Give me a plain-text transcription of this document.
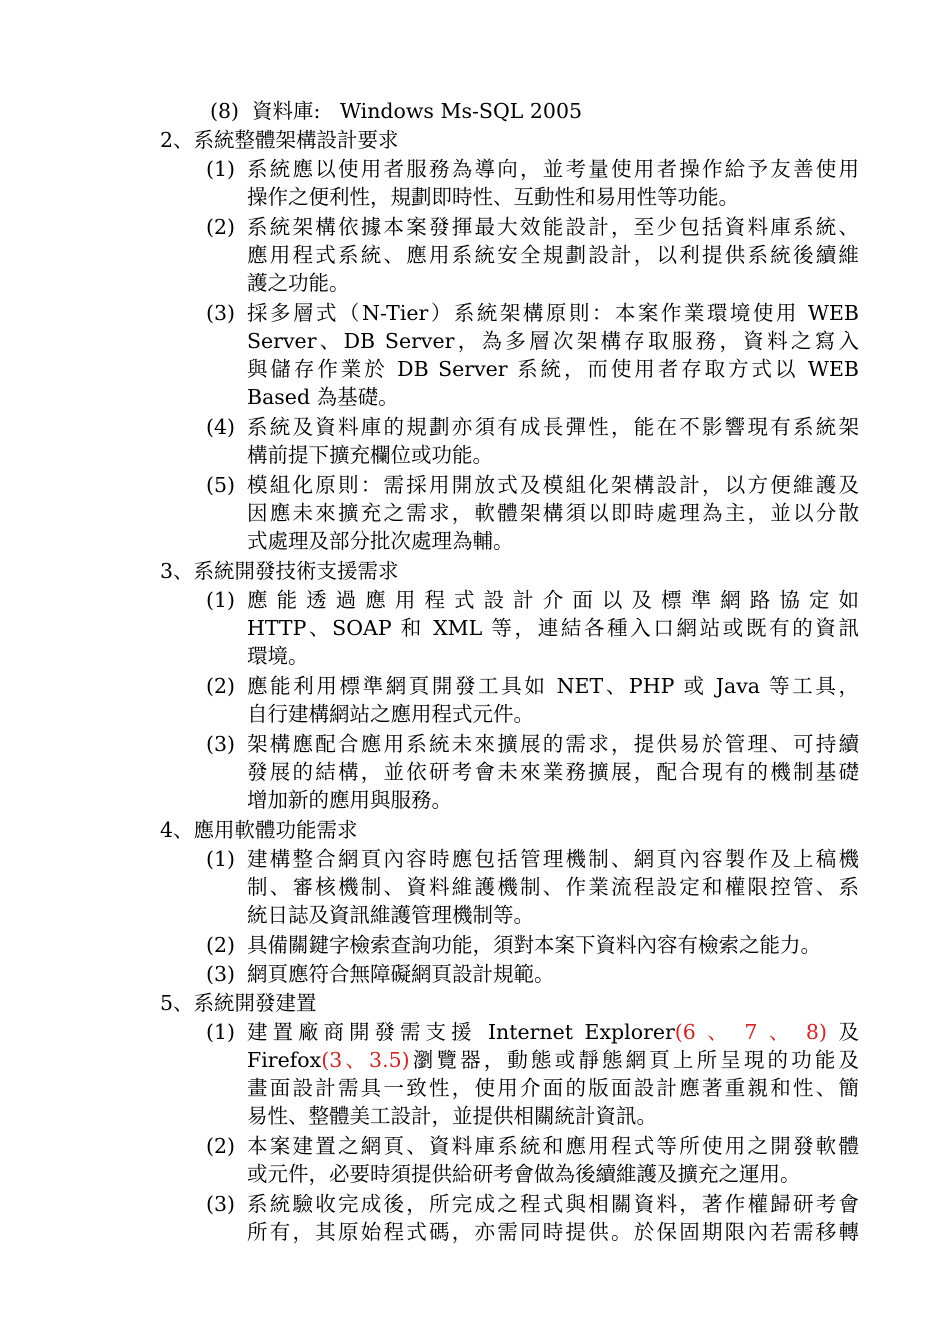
(8) 資料庫:   Windows Ms-SQL 2005
2、系統整體架構設計要求
(1) 系統應以使用者服務為導向，並考量使用者操作給予友善使用
操作之便利性，規劃即時性、互動性和易用性等功能。
(2) 系統架構依據本案發揮最大效能設計，至少包括資料庫系統、
應用程式系統、應用系統安全規劃設計，以利提供系統後續維
護之功能。
(3) 採多層式（N-Tier）系統架構原則：本案作業環境使用 WEB
Server、DB Server，為多層次架構存取服務，資料之寫入
與儲存作業於 DB Server 系統，而使用者存取方式以 WEB
Based 為基礎。
(4) 系統及資料庫的規劃亦須有成長彈性，能在不影響現有系統架
構前提下擴充欄位或功能。
(5) 模組化原則：需採用開放式及模組化架構設計，以方便維護及
因應未來擴充之需求，軟體架構須以即時處理為主，並以分散
式處理及部分批次處理為輔。
3、系統開發技術支援需求
(1) 應能透過應用程式設計介面以及標準網路協定如
HTTP、SOAP 和 XML 等，連結各種入口網站或既有的資訊
環境。
(2) 應能利用標準網頁開發工具如 NET、PHP 或 Java 等工具，
自行建構網站之應用程式元件。
(3) 架構應配合應用系統未來擴展的需求，提供易於管理、可持續
發展的結構，並依研考會未來業務擴展，配合現有的機制基礎
增加新的應用與服務。
4、應用軟體功能需求
(1) 建構整合網頁內容時應包括管理機制、網頁內容製作及上稿機
制、審核機制、資料維護機制、作業流程設定和權限控管、系
統日誌及資訊維護管理機制等。
(2) 具備關鍵字檢索查詢功能，須對本案下資料內容有檢索之能力。
(3) 網頁應符合無障礙網頁設計規範。
5、系統開發建置
(1) 建置廠商開發需支援 Internet Explorer(6 、 7 、 8) 及
Firefox(3、3.5)瀏覽器，動態或靜態網頁上所呈現的功能及
畫面設計需具一致性，使用介面的版面設計應著重親和性、簡
易性、整體美工設計，並提供相關統計資訊。
(2) 本案建置之網頁、資料庫系統和應用程式等所使用之開發軟體
或元件，必要時須提供給研考會做為後續維護及擴充之運用。
(3) 系統驗收完成後，所完成之程式與相關資料，著作權歸研考會
所有，其原始程式碼，亦需同時提供。於保固期限內若需移轉
